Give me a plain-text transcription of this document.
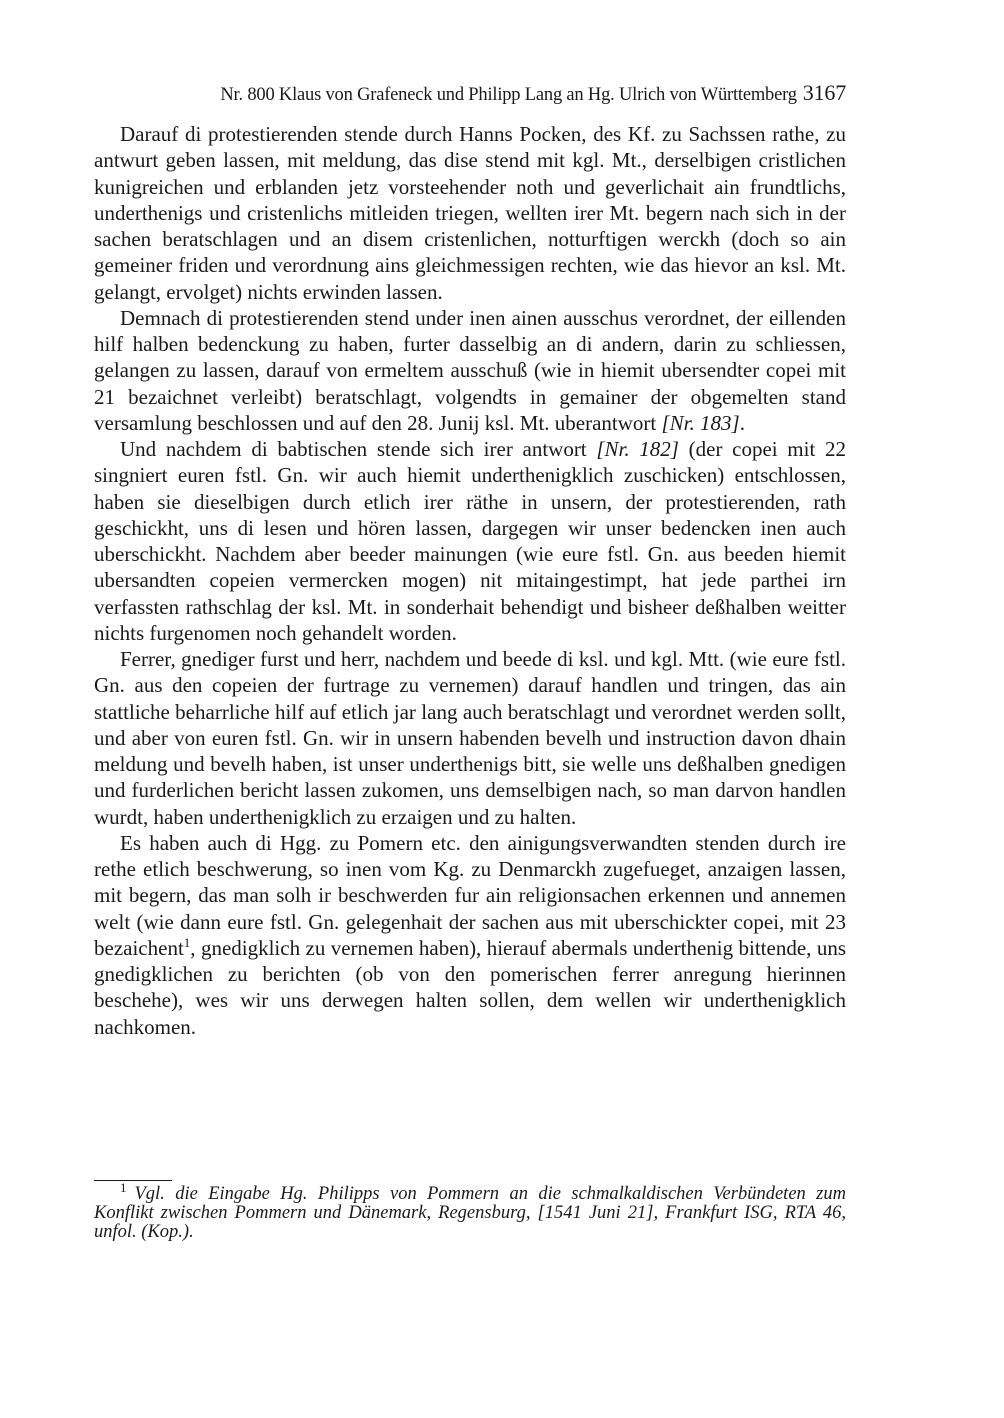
Nr. 800 Klaus von Grafeneck und Philipp Lang an Hg. Ulrich von Württemberg 3167

Darauf di protestierenden stende durch Hanns Pocken, des Kf. zu Sachssen rathe, zu antwurt geben lassen, mit meldung, das dise stend mit kgl. Mt., derselbigen cristlichen kunigreichen und erblanden jetz vorsteehender noth und geverlichait ain frundtlichs, underthenigs und cristenlichs mitleiden triegen, wellten irer Mt. begern nach sich in der sachen beratschlagen und an disem cristenlichen, notturftigen werckh (doch so ain gemeiner friden und verordnung ains gleichmessigen rechten, wie das hievor an ksl. Mt. gelangt, ervolget) nichts erwinden lassen.

Demnach di protestierenden stend under inen ainen ausschus verordnet, der eillenden hilf halben bedenckung zu haben, furter dasselbig an di andern, darin zu schliessen, gelangen zu lassen, darauf von ermeltem ausschuß (wie in hiemit ubersendter copei mit 21 bezaichnet verleibt) beratschlagt, volgendts in gemainer der obgemelten stand versamlung beschlossen und auf den 28. Junij ksl. Mt. uberantwort [Nr. 183].

Und nachdem di babtischen stende sich irer antwort [Nr. 182] (der copei mit 22 singniert euren fstl. Gn. wir auch hiemit underthenigklich zuschicken) entschlossen, haben sie dieselbigen durch etlich irer räthe in unsern, der protestierenden, rath geschickht, uns di lesen und hören lassen, dargegen wir unser bedencken inen auch uberschickht. Nachdem aber beeder mainungen (wie eure fstl. Gn. aus beeden hiemit ubersandten copeien vermercken mogen) nit mitaingestimpt, hat jede parthei irn verfassten rathschlag der ksl. Mt. in sonderhait behendigt und bisheer deßhalben weitter nichts furgenomen noch gehandelt worden.

Ferrer, gnediger furst und herr, nachdem und beede di ksl. und kgl. Mtt. (wie eure fstl. Gn. aus den copeien der furtrage zu vernemen) darauf handlen und tringen, das ain stattliche beharrliche hilf auf etlich jar lang auch beratschlagt und verordnet werden sollt, und aber von euren fstl. Gn. wir in unsern habenden bevelh und instruction davon dhain meldung und bevelh haben, ist unser underthenigs bitt, sie welle uns deßhalben gnedigen und furderlichen bericht lassen zukomen, uns demselbigen nach, so man darvon handlen wurdt, haben underthenigklich zu erzaigen und zu halten.

Es haben auch di Hgg. zu Pomern etc. den ainigungsverwandten stenden durch ire rethe etlich beschwerung, so inen vom Kg. zu Denmarckh zugefueget, anzaigen lassen, mit begern, das man solh ir beschwerden fur ain religionsachen erkennen und annemen welt (wie dann eure fstl. Gn. gelegenhait der sachen aus mit uberschickter copei, mit 23 bezaichent$^1$, gnedigklich zu vernemen haben), hierauf abermals underthenig bittende, uns gnedigklichen zu berichten (ob von den pomerischen ferrer anregung hierinnen beschehe), wes wir uns derwegen halten sollen, dem wellen wir underthenigklich nachkomen.

$^1$ Vgl. die Eingabe Hg. Philipps von Pommern an die schmalkaldischen Verbündeten zum Konflikt zwischen Pommern und Dänemark, Regensburg, [1541 Juni 21], Frankfurt ISG, RTA 46, unfol. (Kop.).
